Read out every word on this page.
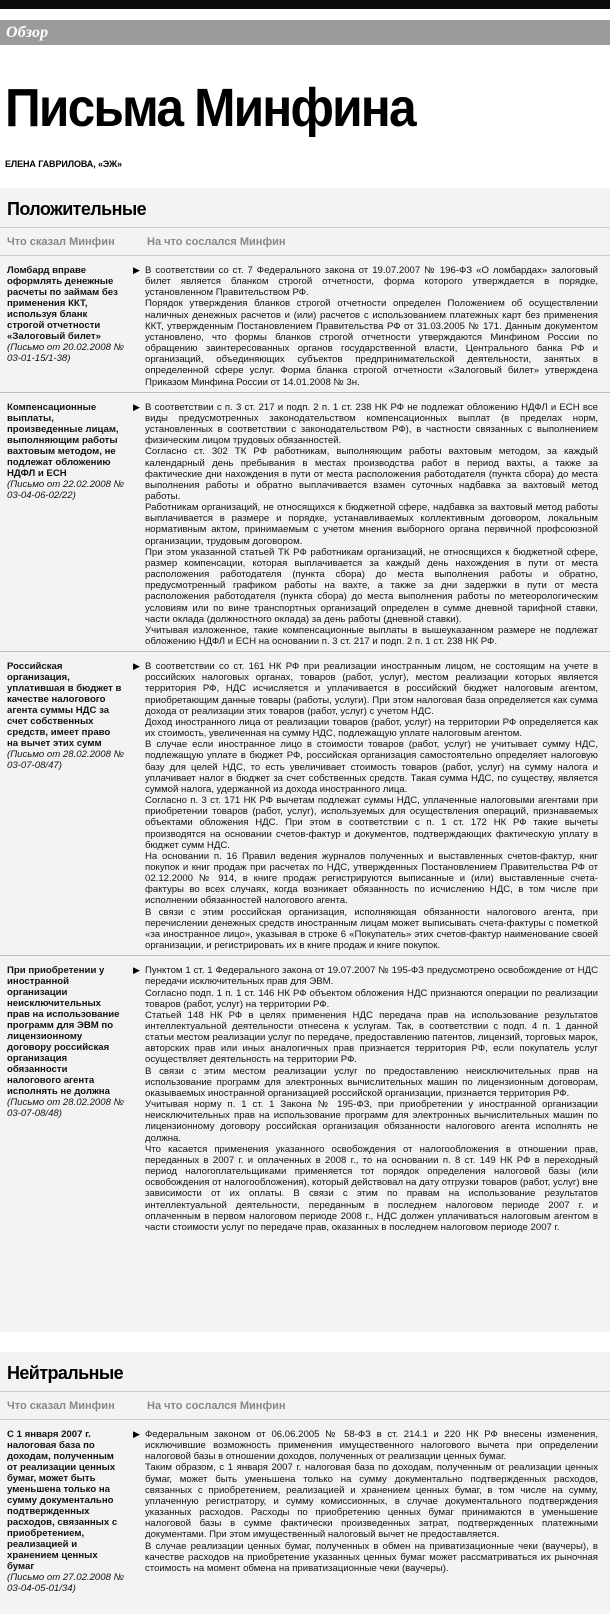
Обзор
Письма Минфина
ЕЛЕНА ГАВРИЛОВА, «ЭЖ»
Положительные
Что сказал Минфин	На что сослался Минфин
Ломбард вправе оформлять денежные расчеты по займам без применения ККТ, используя бланк строгой отчетности «Залоговый билет»
(Письмо от 20.02.2008 № 03-01-15/1-38)
▶ В соответствии со ст. 7 Федерального закона от 19.07.2007 № 196-ФЗ «О ломбардах» залоговый билет является бланком строгой отчетности, форма которого утверждается в порядке, установленном Правительством РФ.

Порядок утверждения бланков строгой отчетности определен Положением об осуществлении наличных денежных расчетов и (или) расчетов с использованием платежных карт без применения ККТ, утвержденным Постановлением Правительства РФ от 31.03.2005 № 171. Данным документом установлено, что формы бланков строгой отчетности утверждаются Минфином России по обращению заинтересованных органов государственной власти, Центрального банка РФ и организаций, объединяющих субъектов предпринимательской деятельности, занятых в определенной сфере услуг. Форма бланка строгой отчетности «Залоговый билет» утверждена Приказом Минфина России от 14.01.2008 № 3н.

Компенсационные выплаты, произведенные лицам, выполняющим работы вахтовым методом, не подлежат обложению НДФЛ и ЕСН
(Письмо от 22.02.2008 № 03-04-06-02/22)
▶ В соответствии с п. 3 ст. 217 и подп. 2 п. 1 ст. 238 НК РФ не подлежат обложению НДФЛ и ЕСН все виды предусмотренных законодательством компенсационных выплат (в пределах норм, установленных в соответствии с законодательством РФ), в частности связанных с выполнением физическим лицом трудовых обязанностей.

Согласно ст. 302 ТК РФ работникам, выполняющим работы вахтовым методом, за каждый календарный день пребывания в местах производства работ в период вахты, а также за фактические дни нахождения в пути от места расположения работодателя (пункта сбора) до места выполнения работы и обратно выплачивается взамен суточных надбавка за вахтовый метод работы.

Работникам организаций, не относящихся к бюджетной сфере, надбавка за вахтовый метод работы выплачивается в размере и порядке, устанавливаемых коллективным договором, локальным нормативным актом, принимаемым с учетом мнения выборного органа первичной профсоюзной организации, трудовым договором.

При этом указанной статьей ТК РФ работникам организаций, не относящихся к бюджетной сфере, размер компенсации, которая выплачивается за каждый день нахождения в пути от места расположения работодателя (пункта сбора) до места выполнения работы и обратно, предусмотренный графиком работы на вахте, а также за дни задержки в пути от места расположения работодателя (пункта сбора) до места выполнения работы по метеорологическим условиям или по вине транспортных организаций определен в сумме дневной тарифной ставки, части оклада (должностного оклада) за день работы (дневной ставки).

Учитывая изложенное, такие компенсационные выплаты в вышеуказанном размере не подлежат обложению НДФЛ и ЕСН на основании п. 3 ст. 217 и подп. 2 п. 1 ст. 238 НК РФ.

Российская организация, уплатившая в бюджет в качестве налогового агента суммы НДС за счет собственных средств, имеет право на вычет этих сумм
(Письмо от 28.02.2008 № 03-07-08/47)
▶ В соответствии со ст. 161 НК РФ при реализации иностранным лицом, не состоящим на учете в российских налоговых органах, товаров (работ, услуг), местом реализации которых является территория РФ, НДС исчисляется и уплачивается в российский бюджет налоговым агентом, приобретающим данные товары (работы, услуги). При этом налоговая база определяется как сумма дохода от реализации этих товаров (работ, услуг) с учетом НДС.

Доход иностранного лица от реализации товаров (работ, услуг) на территории РФ определяется как их стоимость, увеличенная на сумму НДС, подлежащую уплате налоговым агентом.

В случае если иностранное лицо в стоимости товаров (работ, услуг) не учитывает сумму НДС, подлежащую уплате в бюджет РФ, российская организация самостоятельно определяет налоговую базу для целей НДС, то есть увеличивает стоимость товаров (работ, услуг) на сумму налога и уплачивает налог в бюджет за счет собственных средств. Такая сумма НДС, по существу, является суммой налога, удержанной из дохода иностранного лица.

Согласно п. 3 ст. 171 НК РФ вычетам подлежат суммы НДС, уплаченные налоговыми агентами при приобретении товаров (работ, услуг), используемых для осуществления операций, признаваемых объектами обложения НДС. При этом в соответствии с п. 1 ст. 172 НК РФ такие вычеты производятся на основании счетов-фактур и документов, подтверждающих фактическую уплату в бюджет сумм НДС.

На основании п. 16 Правил ведения журналов полученных и выставленных счетов-фактур, книг покупок и книг продаж при расчетах по НДС, утвержденных Постановлением Правительства РФ от 02.12.2000 № 914, в книге продаж регистрируются выписанные и (или) выставленные счета-фактуры во всех случаях, когда возникает обязанность по исчислению НДС, в том числе при исполнении обязанностей налогового агента.

В связи с этим российская организация, исполняющая обязанности налогового агента, при перечислении денежных средств иностранным лицам может выписывать счета-фактуры с пометкой «за иностранное лицо», указывая в строке 6 «Покупатель» этих счетов-фактур наименование своей организации, и регистрировать их в книге продаж и книге покупок.

При приобретении у иностранной организации неисключительных прав на использование программ для ЭВМ по лицензионному договору российская организация обязанности налогового агента исполнять не должна
(Письмо от 28.02.2008 № 03-07-08/48)
▶ Пунктом 1 ст. 1 Федерального закона от 19.07.2007 № 195-ФЗ предусмотрено освобождение от НДС передачи исключительных прав для ЭВМ.

Согласно подп. 1 п. 1 ст. 146 НК РФ объектом обложения НДС признаются операции по реализации товаров (работ, услуг) на территории РФ.

Статьей 148 НК РФ в целях применения НДС передача прав на использование результатов интеллектуальной деятельности отнесена к услугам. Так, в соответствии с подп. 4 п. 1 данной статьи местом реализации услуг по передаче, предоставлению патентов, лицензий, торговых марок, авторских прав или иных аналогичных прав признается территория РФ, если покупатель услуг осуществляет деятельность на территории РФ.

В связи с этим местом реализации услуг по предоставлению неисключительных прав на использование программ для электронных вычислительных машин по лицензионным договорам, оказываемых иностранной организацией российской организации, признается территория РФ.

Учитывая норму п. 1 ст. 1 Закона № 195-ФЗ, при приобретении у иностранной организации неисключительных прав на использование программ для электронных вычислительных машин по лицензионному договору российская организация обязанности налогового агента исполнять не должна.

Что касается применения указанного освобождения от налогообложения в отношении прав, переданных в 2007 г. и оплаченных в 2008 г., то на основании п. 8 ст. 149 НК РФ в переходный период налогоплательщиками применяется тот порядок определения налоговой базы (или освобождения от налогообложения), который действовал на дату отгрузки товаров (работ, услуг) вне зависимости от их оплаты. В связи с этим по правам на использование результатов интеллектуальной деятельности, переданным в последнем налоговом периоде 2007 г. и оплаченным в первом налоговом периоде 2008 г., НДС должен уплачиваться налоговым агентом в части стоимости услуг по передаче прав, оказанных в последнем налоговом периоде 2007 г.

Нейтральные
Что сказал Минфин	На что сослался Минфин
С 1 января 2007 г. налоговая база по доходам, полученным от реализации ценных бумаг, может быть уменьшена только на сумму документально подтвержденных расходов, связанных с приобретением, реализацией и хранением ценных бумаг
(Письмо от 27.02.2008 № 03-04-05-01/34)
▶ Федеральным законом от 06.06.2005 № 58-ФЗ в ст. 214.1 и 220 НК РФ внесены изменения, исключившие возможность применения имущественного налогового вычета при определении налоговой базы в отношении доходов, полученных от реализации ценных бумаг.

Таким образом, с 1 января 2007 г. налоговая база по доходам, полученным от реализации ценных бумаг, может быть уменьшена только на сумму документально подтвержденных расходов, связанных с приобретением, реализацией и хранением ценных бумаг, в том числе на сумму, уплаченную регистратору, и сумму комиссионных, в случае документального подтверждения указанных расходов. Расходы по приобретению ценных бумаг принимаются в уменьшение налоговой базы в сумме фактически произведенных затрат, подтвержденных платежными документами. При этом имущественный налоговый вычет не предоставляется.

В случае реализации ценных бумаг, полученных в обмен на приватизационные чеки (ваучеры), в качестве расходов на приобретение указанных ценных бумаг может рассматриваться их рыночная стоимость на момент обмена на приватизационные чеки (ваучеры).
